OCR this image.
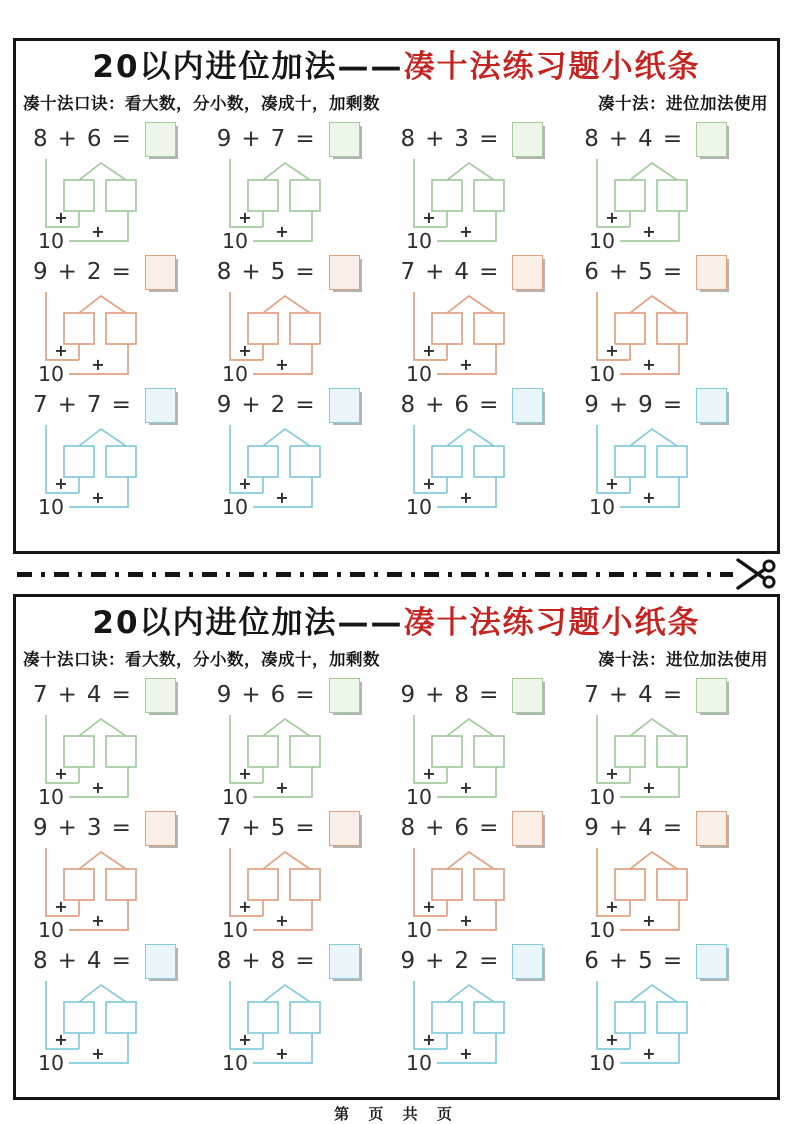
20以内进位加法——凑十法练习题小纸条
凑十法口诀：看大数，分小数，凑成十，加剩数	凑十法：进位加法使用
8 + 6 =
+
10 +
9 + 7 =
+
10 +
8 + 3 =
+
10 +
8 + 4 =
+
10 +
9 + 2 =
+
10 +
8 + 5 =
+
10 +
7 + 4 =
+
10 +
6 + 5 =
+
10 +
7 + 7 =
+
10 +
9 + 2 =
+
10 +
8 + 6 =
+
10 +
9 + 9 =
+
10 +
20以内进位加法——凑十法练习题小纸条
凑十法口诀：看大数，分小数，凑成十，加剩数	凑十法：进位加法使用
7 + 4 =
+
10 +
9 + 6 =
+
10 +
9 + 8 =
+
10 +
7 + 4 =
+
10 +
9 + 3 =
+
10 +
7 + 5 =
+
10 +
8 + 6 =
+
10 +
9 + 4 =
+
10 +
8 + 4 =
+
10 +
8 + 8 =
+
10 +
9 + 2 =
+
10 +
6 + 5 =
+
10 +
第 页 共 页
